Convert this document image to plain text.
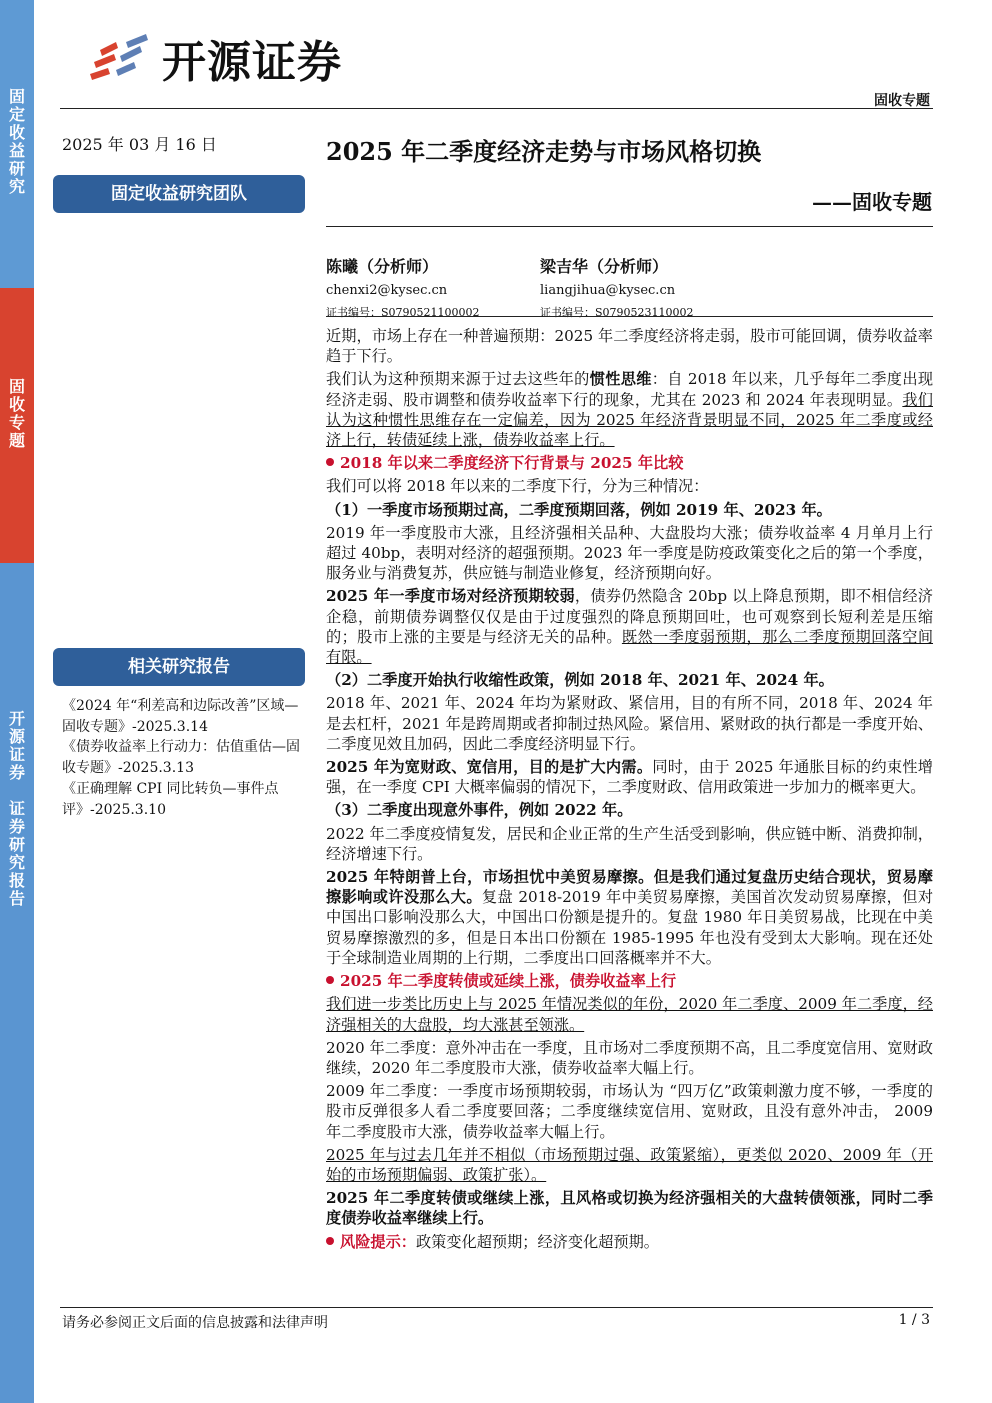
固
定
收
益
研
究
固
收
专
题
开
源
证
券

证
券
研
究
报
告
开源证券
固收专题
2025 年 03 月 16 日
固定收益研究团队
相关研究报告
《2024 年“利差高和边际改善”区域—固收专题》-2025.3.14
《债券收益率上行动力：估值重估—固收专题》-2025.3.13
《正确理解 CPI 同比转负—事件点评》-2025.3.10
2025 年二季度经济走势与市场风格切换
——固收专题
陈曦（分析师）
chenxi2@kysec.cn
证书编号：S0790521100002
梁吉华（分析师）
liangjihua@kysec.cn
证书编号：S0790523110002

近期，市场上存在一种普遍预期：2025 年二季度经济将走弱，股市可能回调，债券收益率趋于下行。

我们认为这种预期来源于过去这些年的惯性思维：自 2018 年以来，几乎每年二季度出现经济走弱、股市调整和债券收益率下行的现象，尤其在 2023 和 2024 年表现明显。我们认为这种惯性思维存在一定偏差，因为 2025 年经济背景明显不同，2025 年二季度或经济上行，转债延续上涨，债券收益率上行。

2018 年以来二季度经济下行背景与 2025 年比较

我们可以将 2018 年以来的二季度下行，分为三种情况：

（1）一季度市场预期过高，二季度预期回落，例如 2019 年、2023 年。

2019 年一季度股市大涨，且经济强相关品种、大盘股均大涨；债券收益率 4 月单月上行超过 40bp，表明对经济的超强预期。2023 年一季度是防疫政策变化之后的第一个季度，服务业与消费复苏，供应链与制造业修复，经济预期向好。

2025 年一季度市场对经济预期较弱，债券仍然隐含 20bp 以上降息预期，即不相信经济企稳，前期债券调整仅仅是由于过度强烈的降息预期回吐，也可观察到长短利差是压缩的；股市上涨的主要是与经济无关的品种。既然一季度弱预期，那么二季度预期回落空间有限。

（2）二季度开始执行收缩性政策，例如 2018 年、2021 年、2024 年。

2018 年、2021 年、2024 年均为紧财政、紧信用，目的有所不同，2018 年、2024 年是去杠杆，2021 年是跨周期或者抑制过热风险。紧信用、紧财政的执行都是一季度开始、二季度见效且加码，因此二季度经济明显下行。

2025 年为宽财政、宽信用，目的是扩大内需。同时，由于 2025 年通胀目标的约束性增强，在一季度 CPI 大概率偏弱的情况下，二季度财政、信用政策进一步加力的概率更大。

（3）二季度出现意外事件，例如 2022 年。

2022 年二季度疫情复发，居民和企业正常的生产生活受到影响，供应链中断、消费抑制，经济增速下行。

2025 年特朗普上台，市场担忧中美贸易摩擦。但是我们通过复盘历史结合现状，贸易摩擦影响或许没那么大。复盘 2018-2019 年中美贸易摩擦，美国首次发动贸易摩擦，但对中国出口影响没那么大，中国出口份额是提升的。复盘 1980 年日美贸易战，比现在中美贸易摩擦激烈的多，但是日本出口份额在 1985-1995 年也没有受到太大影响。现在还处于全球制造业周期的上行期，二季度出口回落概率并不大。

2025 年二季度转债或延续上涨，债券收益率上行

我们进一步类比历史上与 2025 年情况类似的年份，2020 年二季度、2009 年二季度，经济强相关的大盘股，均大涨甚至领涨。

2020 年二季度：意外冲击在一季度，且市场对二季度预期不高，且二季度宽信用、宽财政继续，2020 年二季度股市大涨，债券收益率大幅上行。

2009 年二季度：一季度市场预期较弱，市场认为 “四万亿”政策刺激力度不够，一季度的股市反弹很多人看二季度要回落；二季度继续宽信用、宽财政，且没有意外冲击， 2009 年二季度股市大涨，债券收益率大幅上行。

2025 年与过去几年并不相似（市场预期过强、政策紧缩），更类似 2020、2009 年（开始的市场预期偏弱、政策扩张）。

2025 年二季度转债或继续上涨，且风格或切换为经济强相关的大盘转债领涨，同时二季度债券收益率继续上行。

风险提示：政策变化超预期；经济变化超预期。

请务必参阅正文后面的信息披露和法律声明	1 / 3
